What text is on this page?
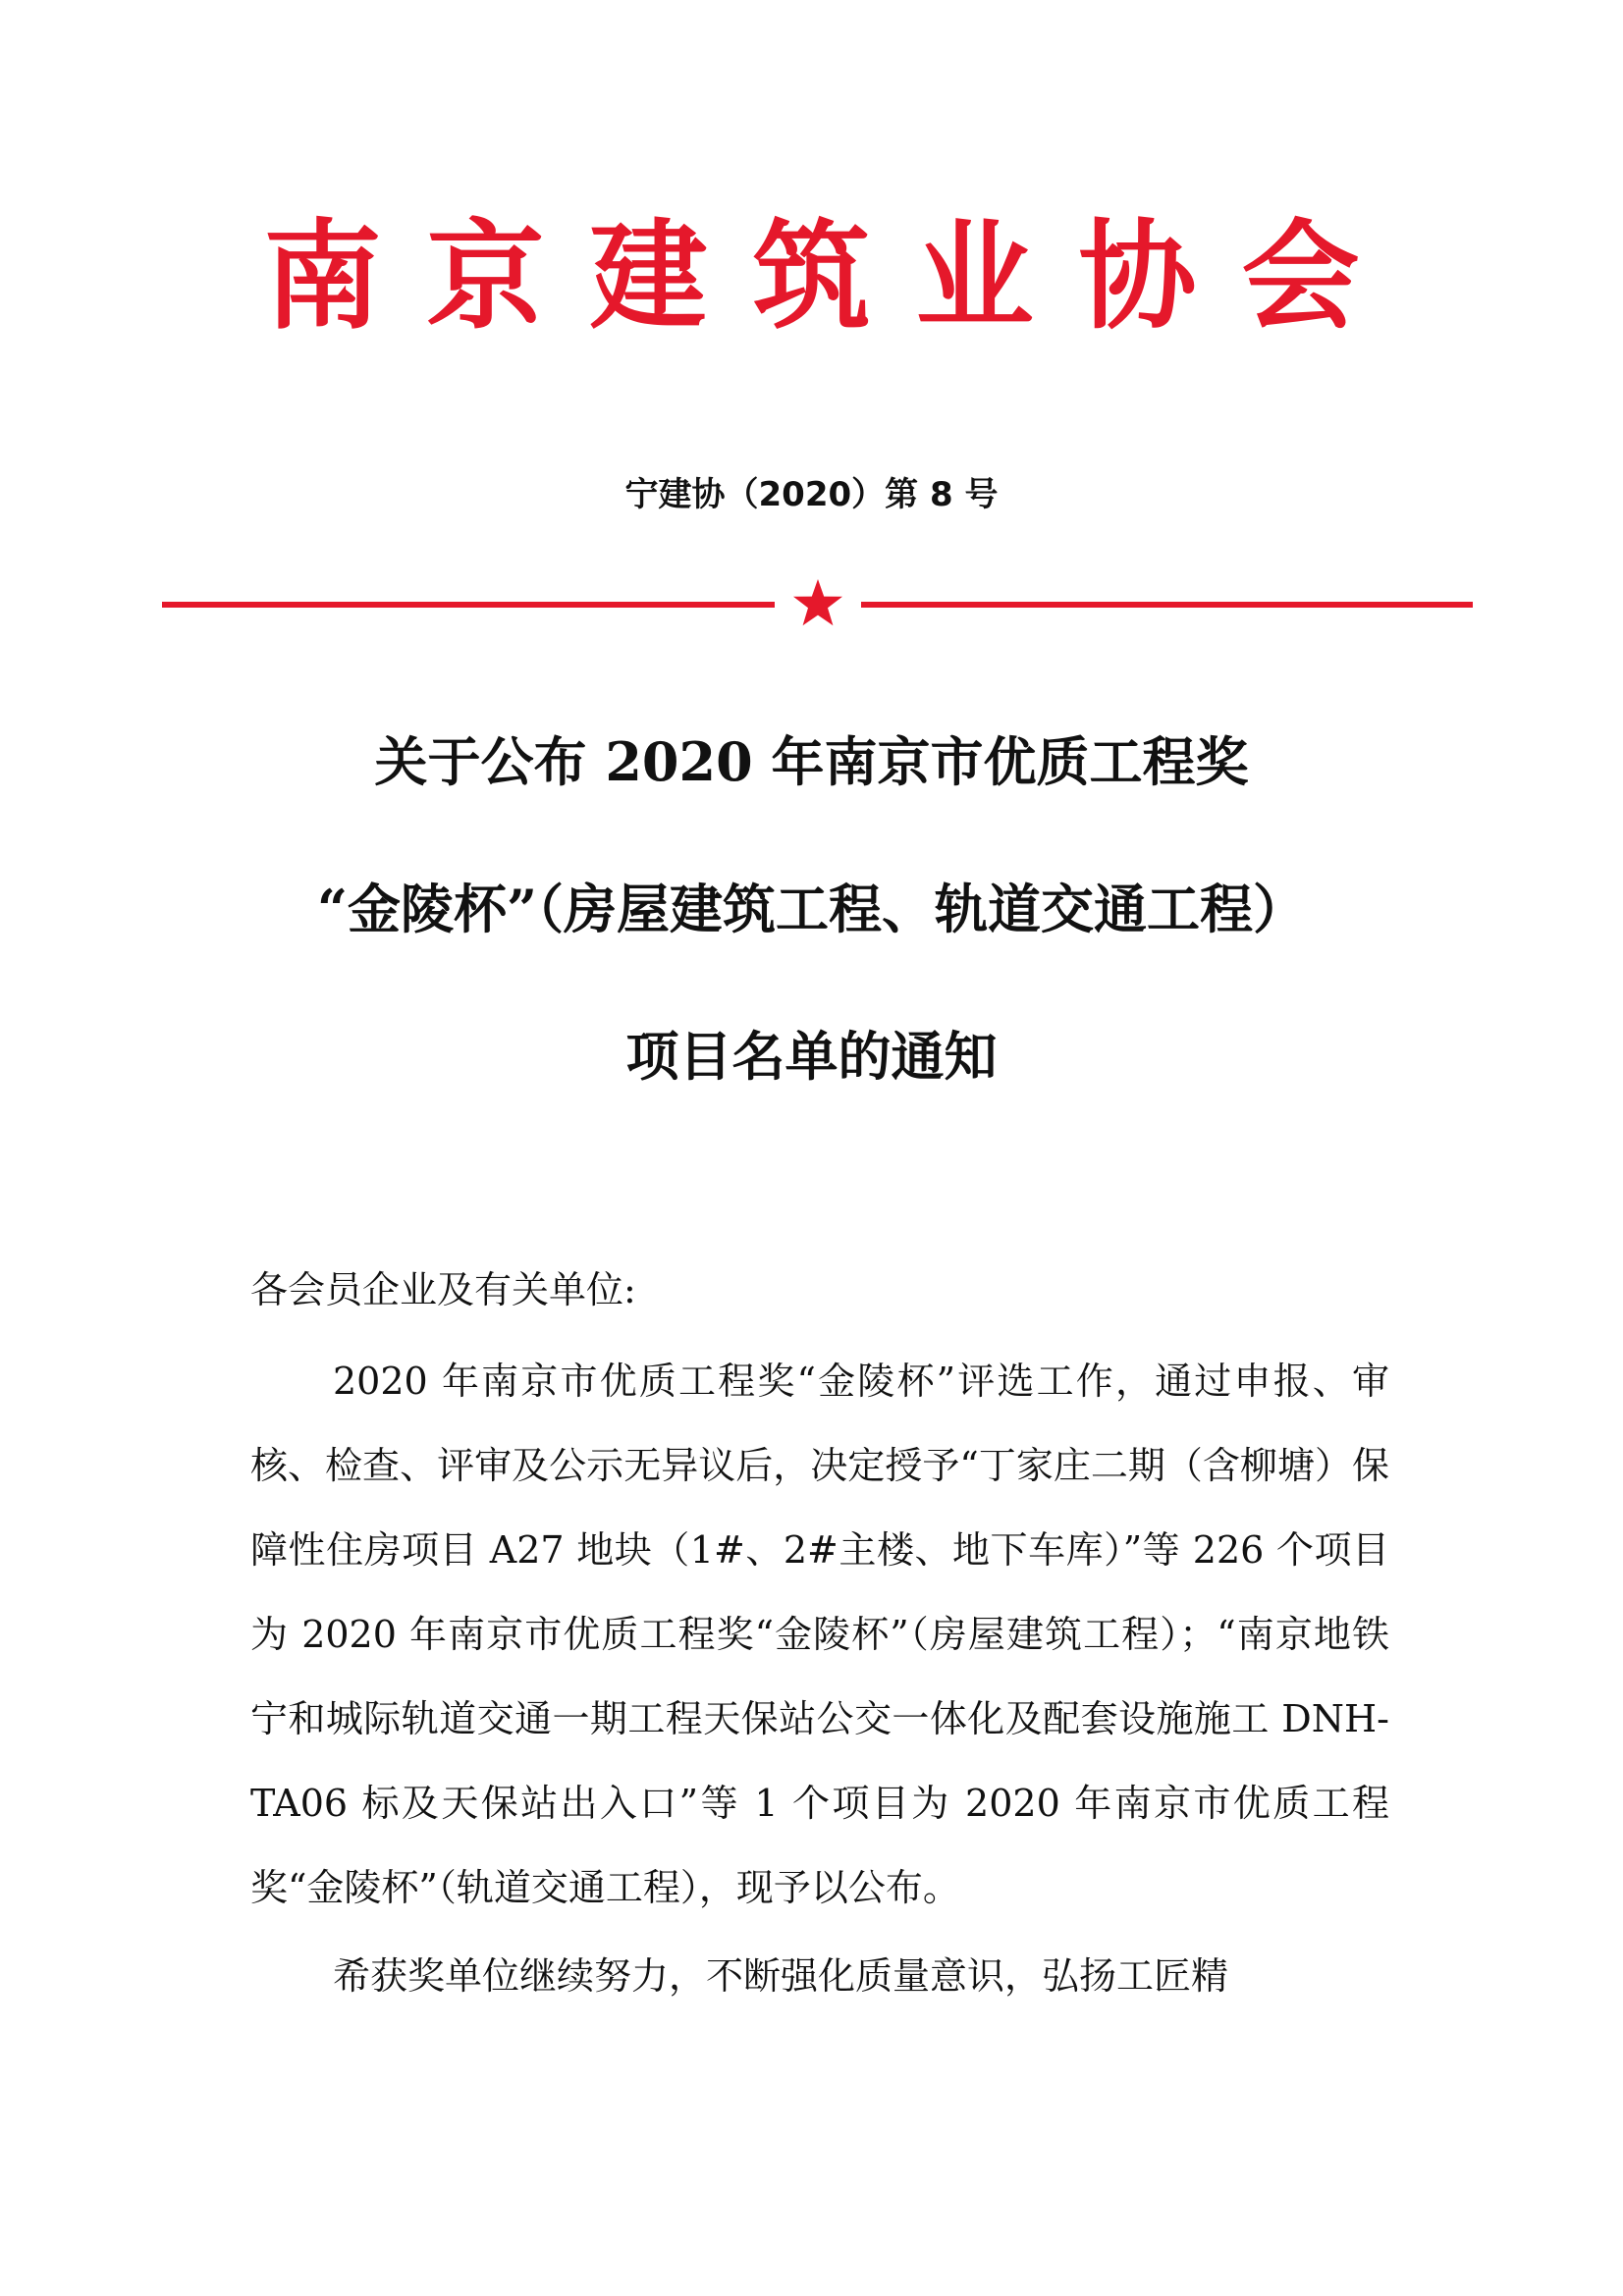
南京建筑业协会
宁建协（2020）第 8 号
关于公布 2020 年南京市优质工程奖
“金陵杯”（房屋建筑工程、轨道交通工程）
项目名单的通知
各会员企业及有关单位:

2020 年南京市优质工程奖“金陵杯”评选工作，通过申报、审核、检查、评审及公示无异议后，决定授予“丁家庄二期（含柳塘）保障性住房项目 A27 地块（1#、2#主楼、地下车库）”等 226 个项目为 2020 年南京市优质工程奖“金陵杯”（房屋建筑工程）；“南京地铁宁和城际轨道交通一期工程天保站公交一体化及配套设施施工 DNH-TA06 标及天保站出入口”等 1 个项目为 2020 年南京市优质工程奖“金陵杯”（轨道交通工程），现予以公布。

希获奖单位继续努力，不断强化质量意识，弘扬工匠精
